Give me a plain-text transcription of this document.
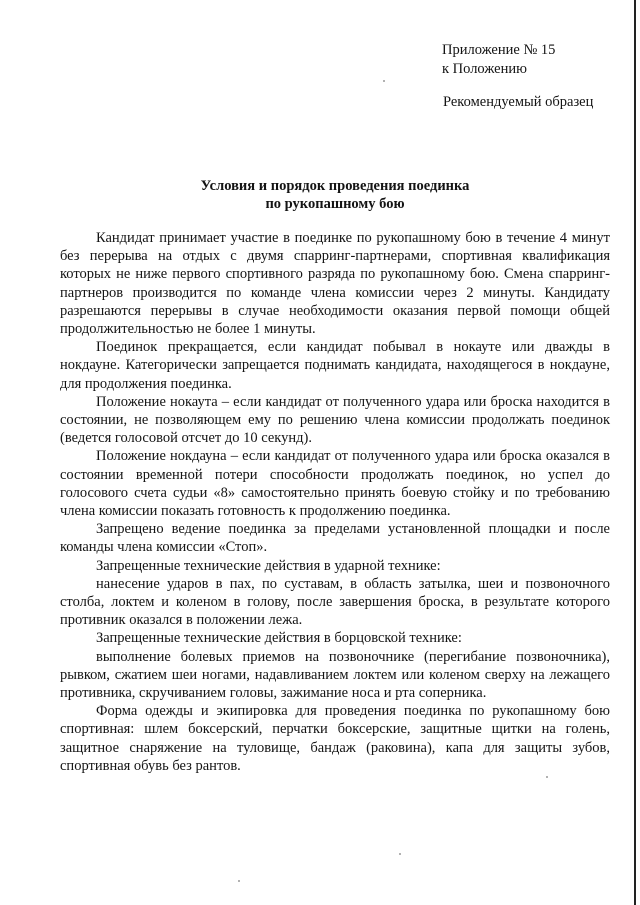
Приложение № 15
к Положению
Рекомендуемый образец
Условия и порядок проведения поединка
по рукопашному бою

Кандидат принимает участие в поединке по рукопашному бою в течение 4 минут без перерыва на отдых с двумя спарринг-партнерами, спортивная квалификация которых не ниже первого спортивного разряда по рукопашному бою. Смена спарринг-партнеров производится по команде члена комиссии через 2 минуты. Кандидату разрешаются перерывы в случае необходимости оказания первой помощи общей продолжительностью не более 1 минуты.

Поединок прекращается, если кандидат побывал в нокауте или дважды в нокдауне. Категорически запрещается поднимать кандидата, находящегося в нокдауне, для продолжения поединка.

Положение нокаута – если кандидат от полученного удара или броска находится в состоянии, не позволяющем ему по решению члена комиссии продолжать поединок (ведется голосовой отсчет до 10 секунд).

Положение нокдауна – если кандидат от полученного удара или броска оказался в состоянии временной потери способности продолжать поединок, но успел до голосового счета судьи «8» самостоятельно принять боевую стойку и по требованию члена комиссии показать готовность к продолжению поединка.

Запрещено ведение поединка за пределами установленной площадки и после команды члена комиссии «Стоп».

Запрещенные технические действия в ударной технике:

нанесение ударов в пах, по суставам, в область затылка, шеи и позвоночного столба, локтем и коленом в голову, после завершения броска, в результате которого противник оказался в положении лежа.

Запрещенные технические действия в борцовской технике:

выполнение болевых приемов на позвоночнике (перегибание позвоночника), рывком, сжатием шеи ногами, надавливанием локтем или коленом сверху на лежащего противника, скручиванием головы, зажимание носа и рта соперника.

Форма одежды и экипировка для проведения поединка по рукопашному бою спортивная: шлем боксерский, перчатки боксерские, защитные щитки на голень, защитное снаряжение на туловище, бандаж (раковина), капа для защиты зубов, спортивная обувь без рантов.
